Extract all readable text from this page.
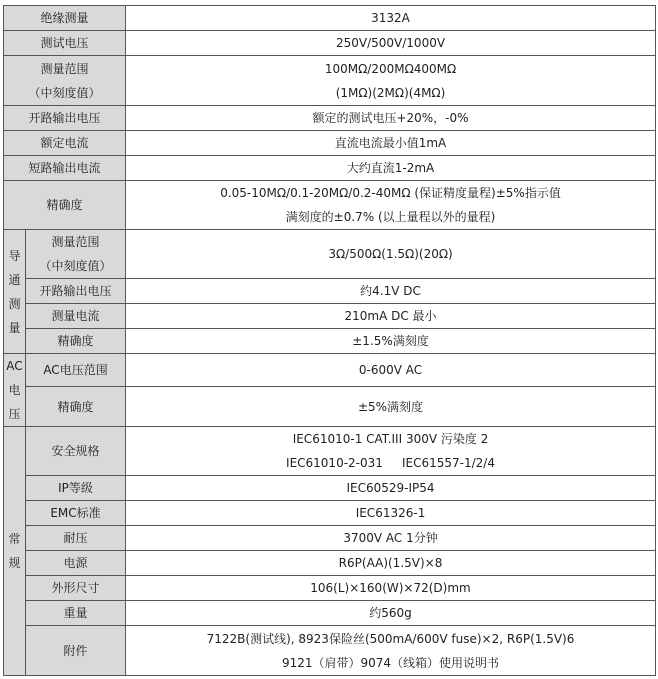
绝缘测量		3132A
测试电压		250V/500V/1000V

测量范围
（中刻度值）		100MΩ/200MΩ400MΩ
(1MΩ)(2MΩ)(4MΩ)

开路输出电压		额定的测试电压+20%，-0%
额定电流		直流电流最小值1mA
短路输出电流		大约直流1-2mA
精确度		0.05-10MΩ/0.1-20MΩ/0.2-40MΩ (保证精度量程)±5%指示值
满刻度的±0.7% (以上量程以外的量程)

导
通
测
量	测量范围
（中刻度值）	3Ω/500Ω(1.5Ω)(20Ω)
	开路输出电压	约4.1V DC
	测量电流	210mA DC 最小
	精确度	±1.5%满刻度

AC
电
压	AC电压范围	0-600V AC
	精确度	±5%满刻度

常
规	安全规格	IEC61010-1 CAT.III 300V 污染度 2
IEC61010-2-031     IEC61557-1/2/4

	IP等级	IEC60529-IP54
	EMC标准	IEC61326-1
	耐压	3700V AC 1分钟
	电源	R6P(AA)(1.5V)×8
	外形尺寸	106(L)×160(W)×72(D)mm
	重量	约560g
	附件	7122B(测试线), 8923保险丝(500mA/600V fuse)×2, R6P(1.5V)6
9121（肩带）9074（线箱）使用说明书
